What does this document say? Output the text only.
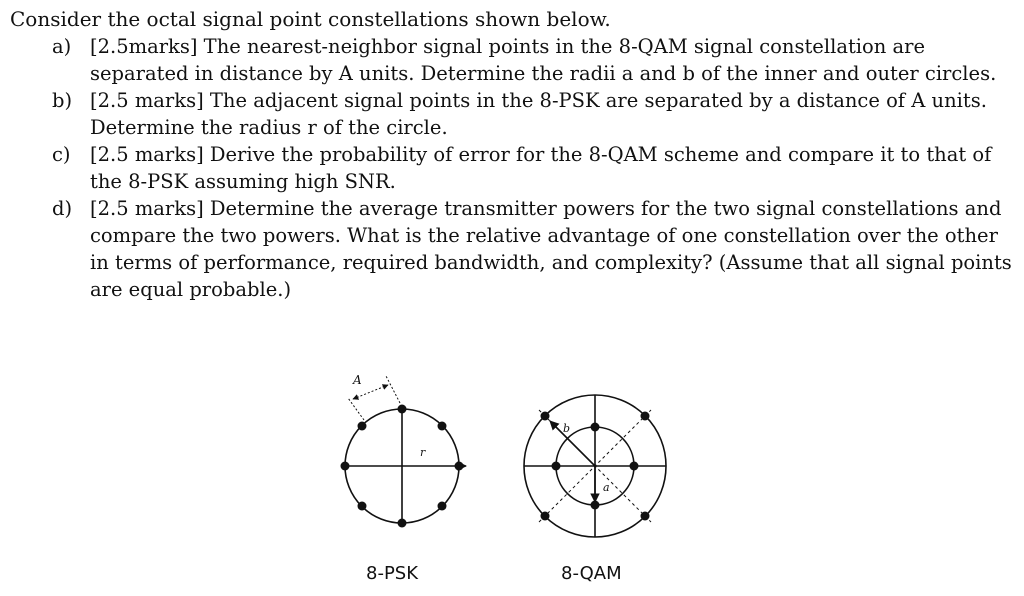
Consider the octal signal point constellations shown below.
a) [2.5marks] The nearest-neighbor signal points in the 8-QAM signal constellation are separated in distance by A units. Determine the radii a and b of the inner and outer circles.
b) [2.5 marks] The adjacent signal points in the 8-PSK are separated by a distance of A units. Determine the radius r of the circle.
c) [2.5 marks] Derive the probability of error for the 8-QAM scheme and compare it to that of the 8-PSK assuming high SNR.
d) [2.5 marks] Determine the average transmitter powers for the two signal constellations and compare the two powers. What is the relative advantage of one constellation over the other in terms of performance, required bandwidth, and complexity? (Assume that all signal points are equal probable.)
A
r
b
a
8-PSK	8-QAM
